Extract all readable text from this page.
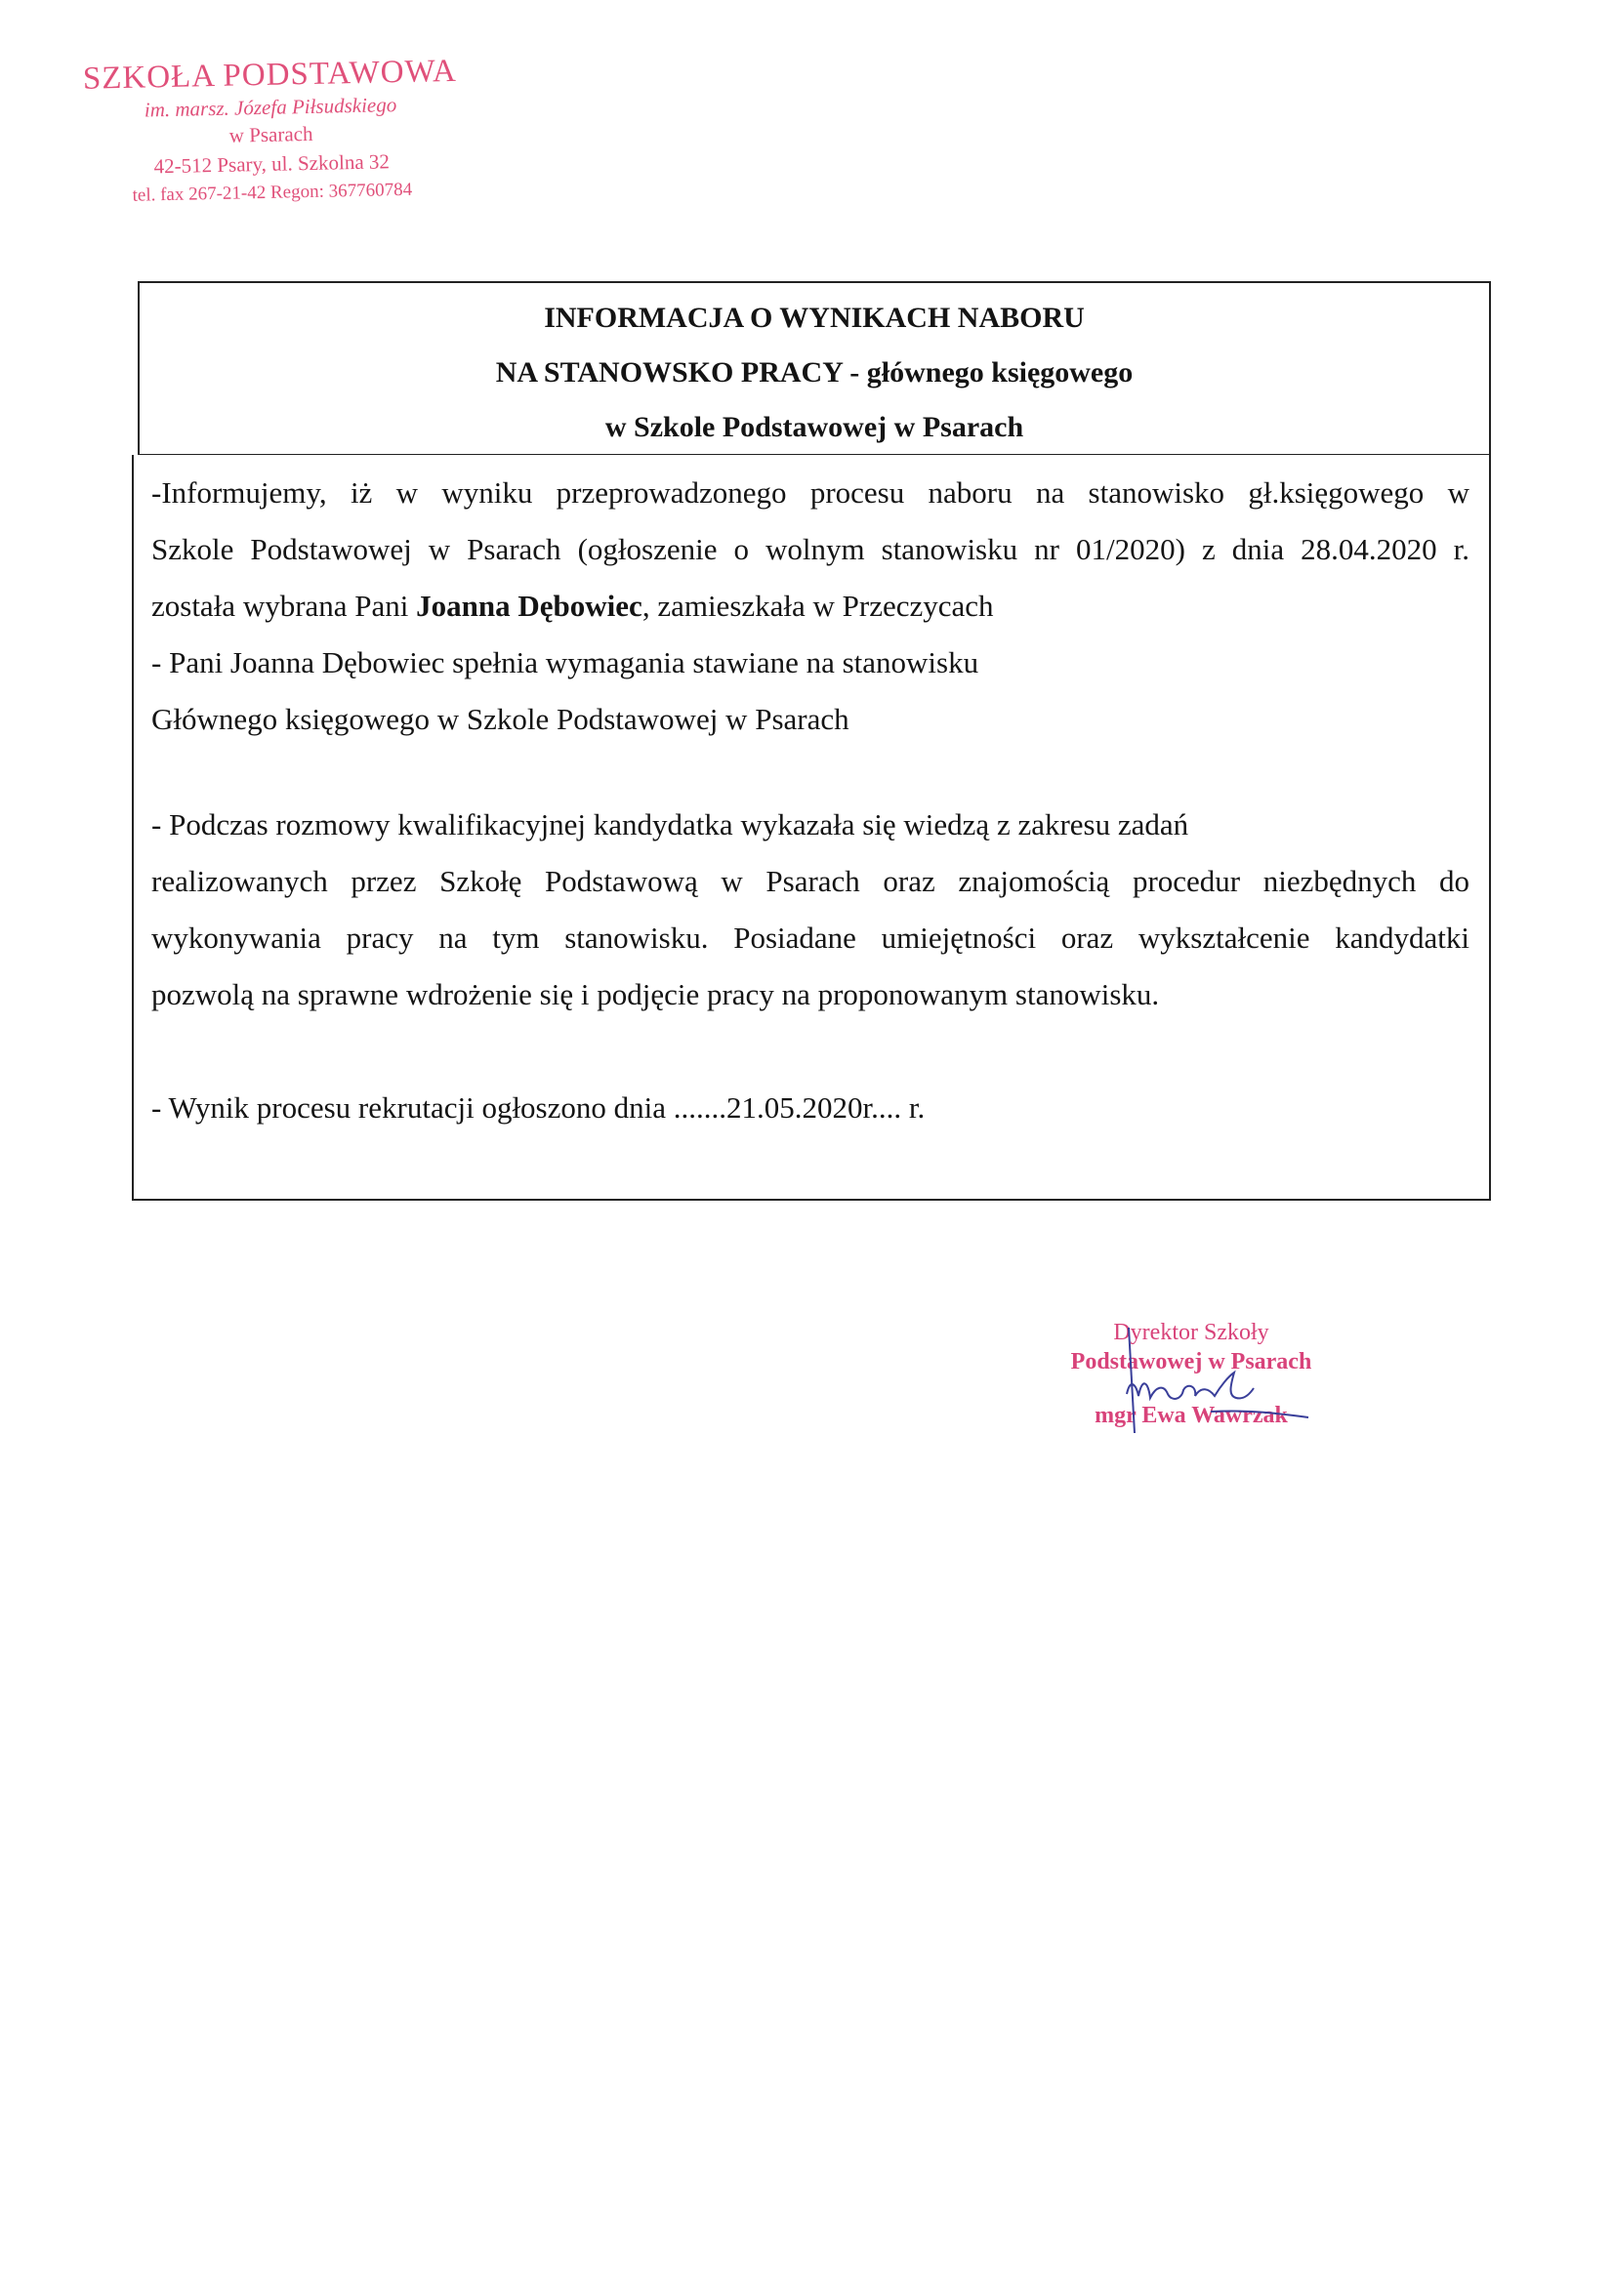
SZKOŁA PODSTAWOWA
im. marsz. Józefa Piłsudskiego
w Psarach
42-512 Psary, ul. Szkolna 32
tel. fax 267-21-42 Regon: 367760784
INFORMACJA O WYNIKACH NABORU
NA STANOWSKO PRACY - głównego księgowego
w Szkole Podstawowej w Psarach
-Informujemy, iż w wyniku przeprowadzonego procesu naboru na stanowisko gł.księgowego w
Szkole Podstawowej w Psarach (ogłoszenie o wolnym stanowisku nr 01/2020) z dnia 28.04.2020 r.
została wybrana Pani Joanna Dębowiec, zamieszkała w Przeczycach
- Pani Joanna Dębowiec spełnia wymagania stawiane na stanowisku
Głównego księgowego w Szkole Podstawowej w Psarach
- Podczas rozmowy kwalifikacyjnej kandydatka wykazała się wiedzą z zakresu zadań
realizowanych przez Szkołę Podstawową w Psarach oraz znajomością procedur niezbędnych do
wykonywania pracy na tym stanowisku. Posiadane umiejętności oraz wykształcenie kandydatki
pozwolą na sprawne wdrożenie się i podjęcie pracy na proponowanym stanowisku.
- Wynik procesu rekrutacji ogłoszono dnia .......21.05.2020r.... r.
Dyrektor Szkoły
Podstawowej w Psarach
mgr Ewa Wawrzak
